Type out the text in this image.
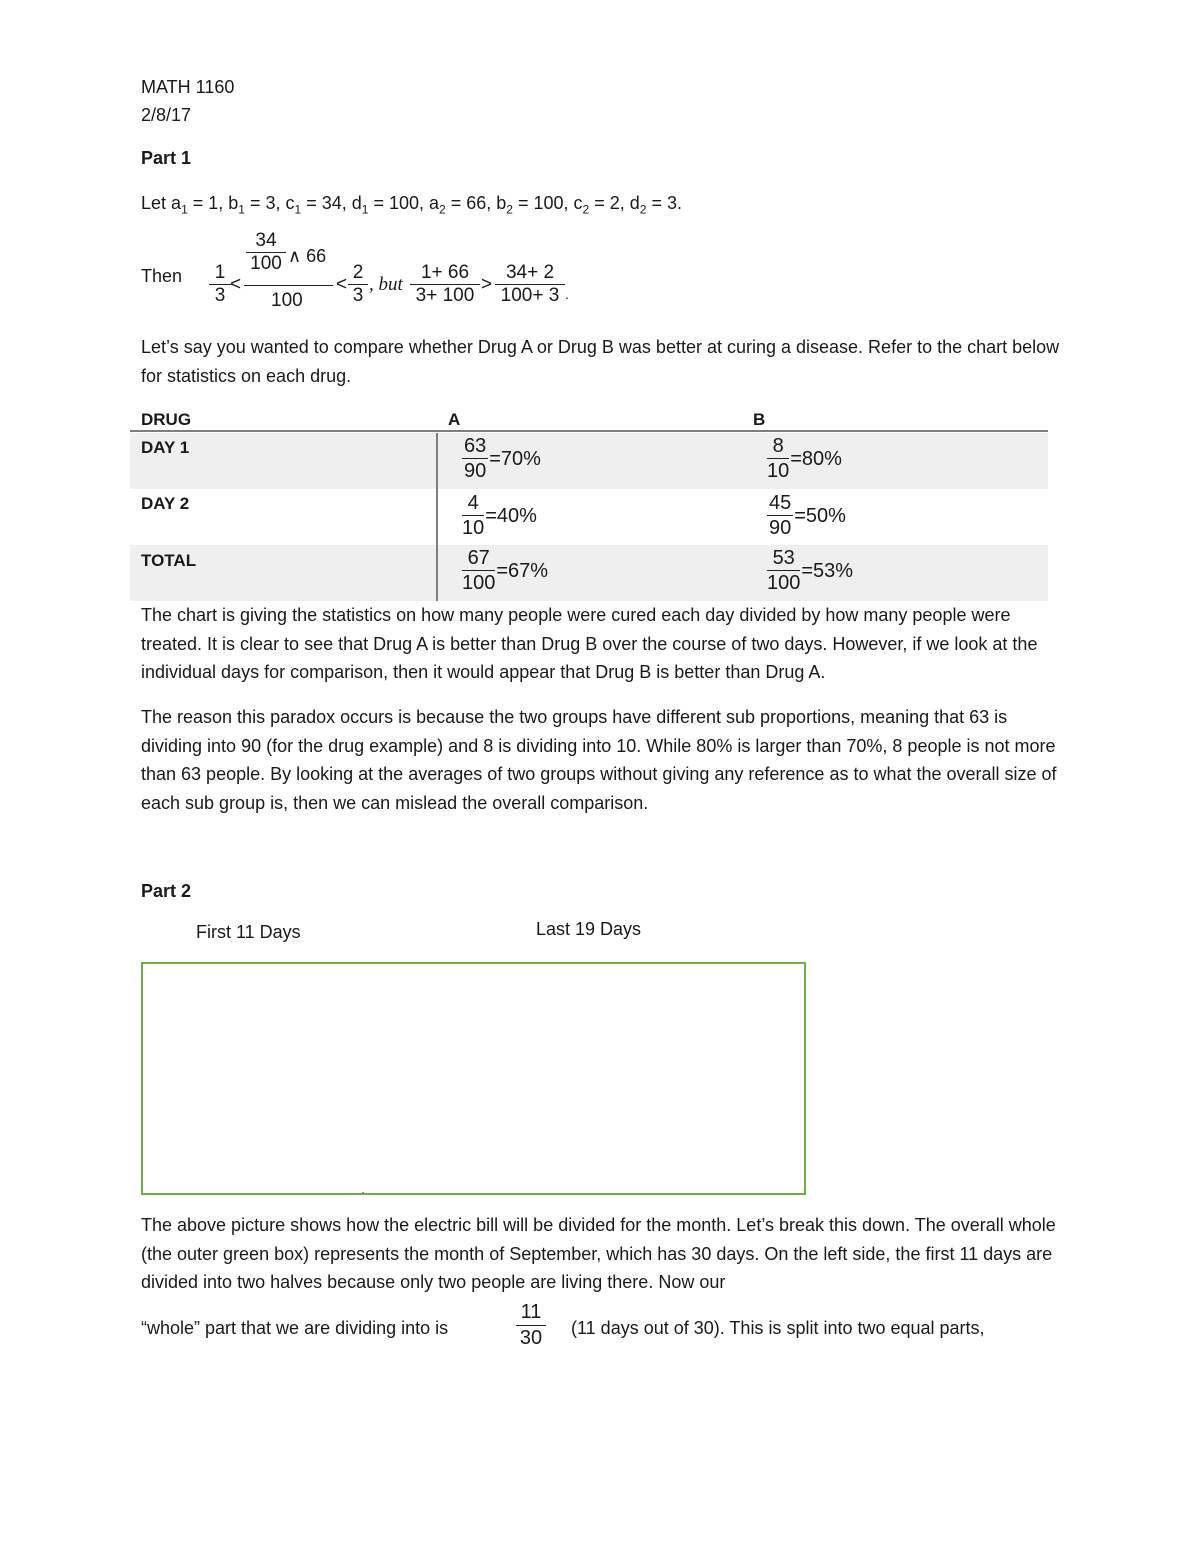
MATH 1160
2/8/17
Part 1
Let $a_1 = 1$, $b_1 = 3$, $c_1 = 34$, $d_1 = 100$, $a_2 = 66$, $b_2 = 100$, $c_2 = 2$, $d_2 = 3$.
Then $\frac{1}{3}$ <
$\frac{34}{100}$ ∧ 66
100
< $\frac{2}{3}$ , but $\frac{1+ 66}{3+ 100} > \frac{34+ 2}{100+ 3}$ .
Let’s say you wanted to compare whether Drug A or Drug B was better at curing a disease. Refer to the chart below for statistics on each drug.
DRUG	A	B
DAY 1	$\frac{63}{90} =70\%$	$\frac{8}{10} =80\%$
DAY 2	$\frac{4}{10} =40\%$	$\frac{45}{90} =50\%$
TOTAL	$\frac{67}{100} =67\%$	$\frac{53}{100} =53\%$
The chart is giving the statistics on how many people were cured each day divided by how many people were treated. It is clear to see that Drug A is better than Drug B over the course of two days. However, if we look at the individual days for comparison, then it would appear that Drug B is better than Drug A.
The reason this paradox occurs is because the two groups have different sub proportions, meaning that 63 is dividing into 90 (for the drug example) and 8 is dividing into 10. While 80% is larger than 70%, 8 people is not more than 63 people. By looking at the averages of two groups without giving any reference as to what the overall size of each sub group is, then we can mislead the overall comparison.
Part 2
First 11 Days	Last 19 Days
The above picture shows how the electric bill will be divided for the month. Let’s break this down. The overall whole (the outer green box) represents the month of September, which has 30 days. On the left side, the first 11 days are divided into two halves because only two people are living there. Now our
“whole” part that we are dividing into is	$\frac{11}{30} (11$ days out of 30). This is split into two equal parts,
